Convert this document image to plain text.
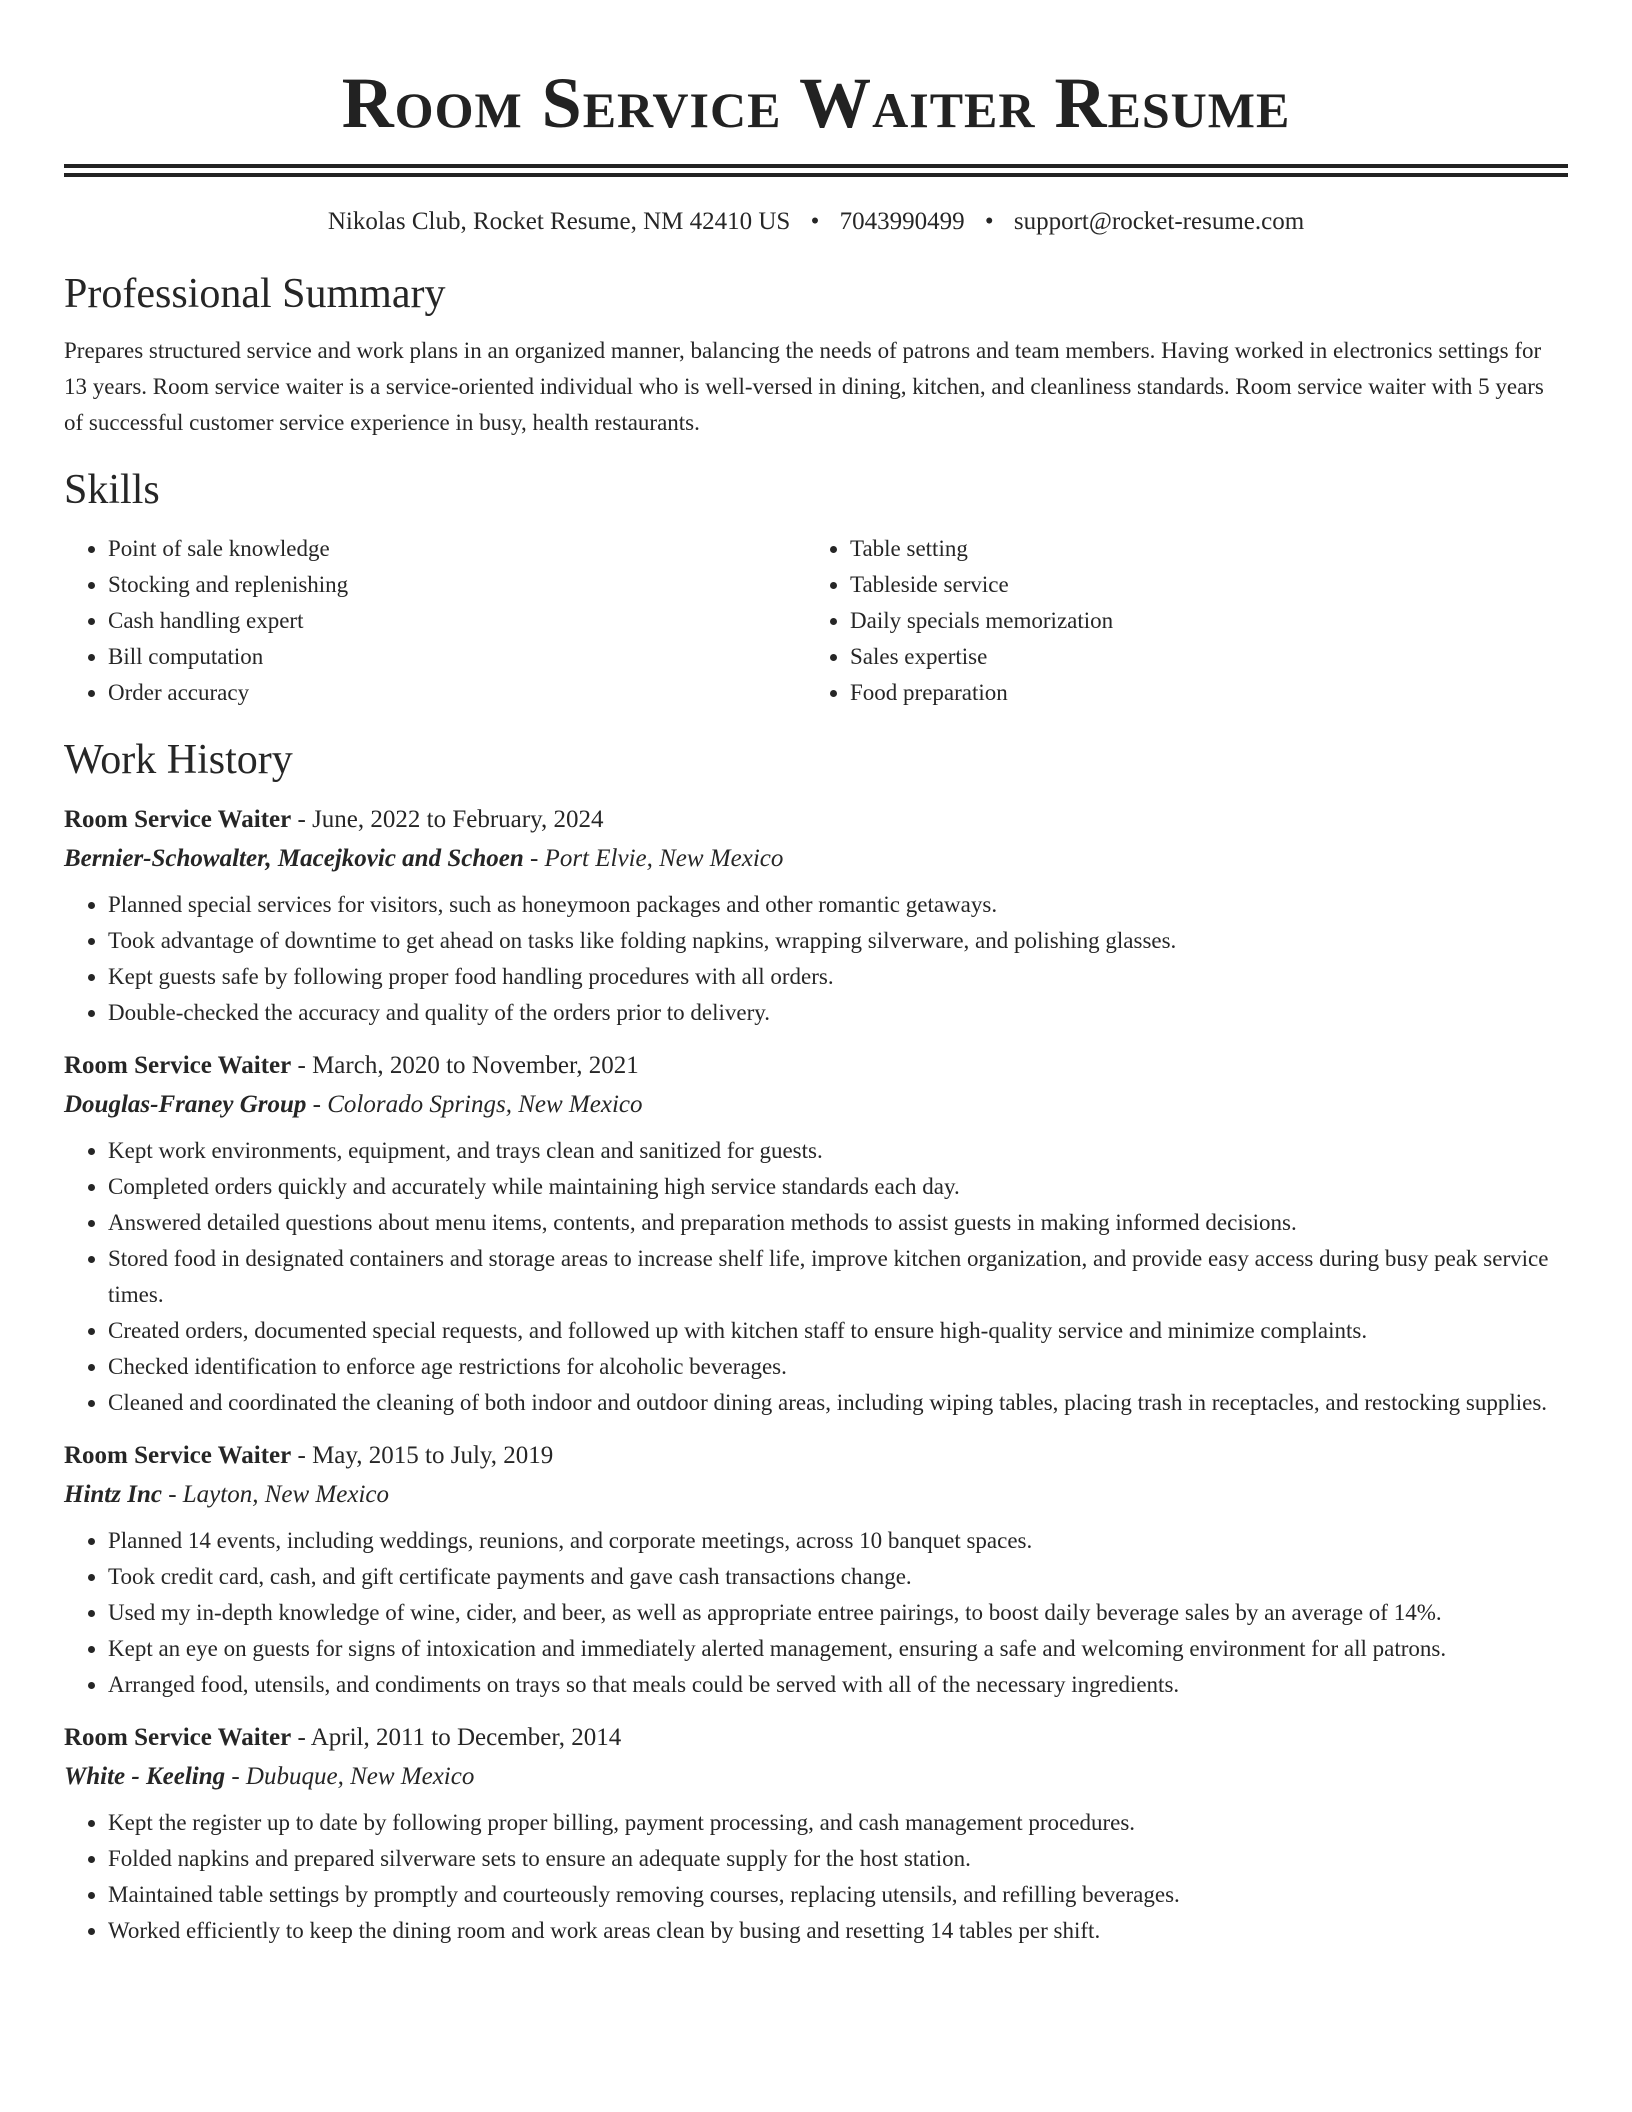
Room Service Waiter Resume
Nikolas Club, Rocket Resume, NM 42410 US • 7043990499 • support@rocket-resume.com
Professional Summary

Prepares structured service and work plans in an organized manner, balancing the needs of patrons and team members. Having worked in electronics settings for 13 years. Room service waiter is a service-oriented individual who is well-versed in dining, kitchen, and cleanliness standards. Room service waiter with 5 years of successful customer service experience in busy, health restaurants.

Skills
• Point of sale knowledge
• Stocking and replenishing
• Cash handling expert
• Bill computation
• Order accuracy
• Table setting
• Tableside service
• Daily specials memorization
• Sales expertise
• Food preparation
Work History
Room Service Waiter - June, 2022 to February, 2024
Bernier-Schowalter, Macejkovic and Schoen - Port Elvie, New Mexico
• Planned special services for visitors, such as honeymoon packages and other romantic getaways.
• Took advantage of downtime to get ahead on tasks like folding napkins, wrapping silverware, and polishing glasses.
• Kept guests safe by following proper food handling procedures with all orders.
• Double-checked the accuracy and quality of the orders prior to delivery.
Room Service Waiter - March, 2020 to November, 2021
Douglas-Franey Group - Colorado Springs, New Mexico
• Kept work environments, equipment, and trays clean and sanitized for guests.
• Completed orders quickly and accurately while maintaining high service standards each day.
• Answered detailed questions about menu items, contents, and preparation methods to assist guests in making informed decisions.
• Stored food in designated containers and storage areas to increase shelf life, improve kitchen organization, and provide easy access during busy peak service times.
• Created orders, documented special requests, and followed up with kitchen staff to ensure high-quality service and minimize complaints.
• Checked identification to enforce age restrictions for alcoholic beverages.
• Cleaned and coordinated the cleaning of both indoor and outdoor dining areas, including wiping tables, placing trash in receptacles, and restocking supplies.
Room Service Waiter - May, 2015 to July, 2019
Hintz Inc - Layton, New Mexico
• Planned 14 events, including weddings, reunions, and corporate meetings, across 10 banquet spaces.
• Took credit card, cash, and gift certificate payments and gave cash transactions change.
• Used my in-depth knowledge of wine, cider, and beer, as well as appropriate entree pairings, to boost daily beverage sales by an average of 14%.
• Kept an eye on guests for signs of intoxication and immediately alerted management, ensuring a safe and welcoming environment for all patrons.
• Arranged food, utensils, and condiments on trays so that meals could be served with all of the necessary ingredients.
Room Service Waiter - April, 2011 to December, 2014
White - Keeling - Dubuque, New Mexico
• Kept the register up to date by following proper billing, payment processing, and cash management procedures.
• Folded napkins and prepared silverware sets to ensure an adequate supply for the host station.
• Maintained table settings by promptly and courteously removing courses, replacing utensils, and refilling beverages.
• Worked efficiently to keep the dining room and work areas clean by busing and resetting 14 tables per shift.
